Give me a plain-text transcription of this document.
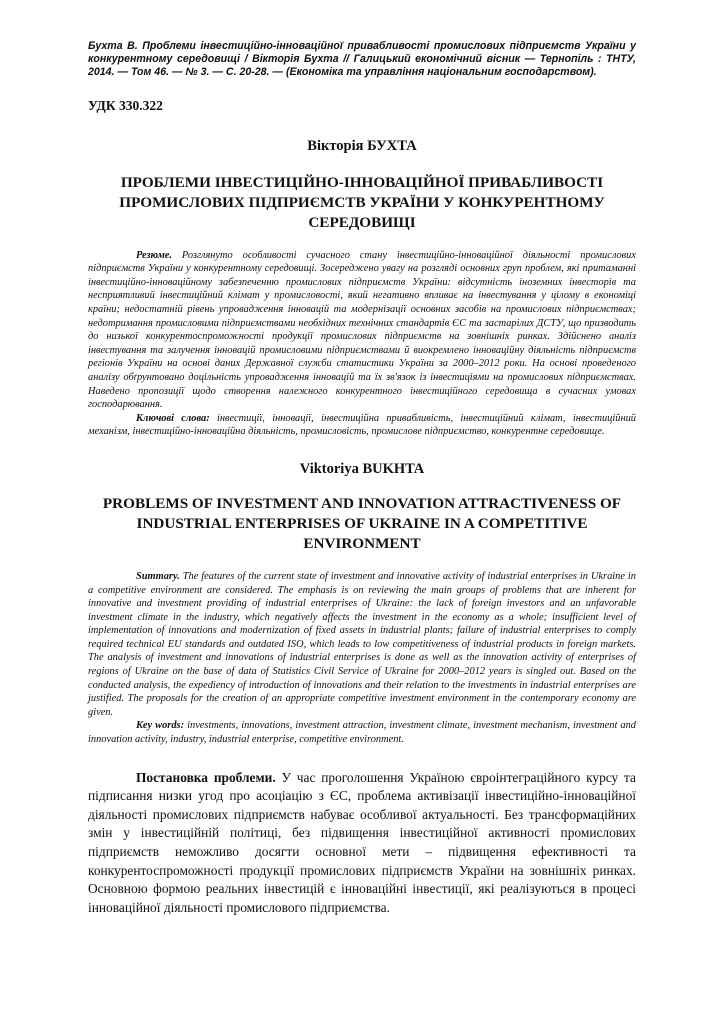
Бухта В. Проблеми інвестиційно-інноваційної привабливості промислових підприємств України у конкурентному середовищі / Вікторія Бухта // Галицький економічний вісник — Тернопіль : ТНТУ, 2014. — Том 46. — № 3. — С. 20-28. — (Економіка та управління національним господарством).

УДК 330.322

Вікторія БУХТА

ПРОБЛЕМИ ІНВЕСТИЦІЙНО-ІННОВАЦІЙНОЇ ПРИВАБЛИВОСТІ ПРОМИСЛОВИХ ПІДПРИЄМСТВ УКРАЇНИ У КОНКУРЕНТНОМУ СЕРЕДОВИЩІ

Резюме. Розглянуто особливості сучасного стану інвестиційно-інноваційної діяльності промислових підприємств України у конкурентному середовищі. Зосереджено увагу на розгляді основних груп проблем, які притаманні інвестиційно-інноваційному забезпеченню промислових підприємств України: відсутність іноземних інвесторів та несприятливий інвестиційний клімат у промисловості, який негативно впливає на інвестування у цілому в економіці країни; недостатній рівень упровадження інновацій та модернізації основних засобів на промислових підприємствах; недотримання промисловими підприємствами необхідних технічних стандартів ЄС та застарілих ДСТУ, що призводить до низької конкурентоспроможності продукції промислових підприємств на зовнішніх ринках. Здійснено аналіз інвестування та залучення інновацій промисловими підприємствами й виокремлено інноваційну діяльність підприємств регіонів України на основі даних Державної служби статистики України за 2000–2012 роки. На основі проведеного аналізу обґрунтовано доцільність упровадження інновацій та їх зв'язок із інвестиціями на промислових підприємствах. Наведено пропозиції щодо створення належного конкурентного інвестиційного середовища в сучасних умовах господарювання.

Ключові слова: інвестиції, інновації, інвестиційна привабливість, інвестиційний клімат, інвестиційний механізм, інвестиційно-інноваційна діяльність, промисловість, промислове підприємство, конкурентне середовище.

Viktoriya BUKHTA

PROBLEMS OF INVESTMENT AND INNOVATION ATTRACTIVENESS OF INDUSTRIAL ENTERPRISES OF UKRAINE IN A COMPETITIVE ENVIRONMENT

Summary. The features of the current state of investment and innovative activity of industrial enterprises in Ukraine in a competitive environment are considered. The emphasis is on reviewing the main groups of problems that are inherent for innovative and investment providing of industrial enterprises of Ukraine: the lack of foreign investors and an unfavorable investment climate in the industry, which negatively affects the investment in the economy as a whole; insufficient level of implementation of innovations and modernization of fixed assets in industrial plants; failure of industrial enterprises to comply required technical EU standards and outdated ISO, which leads to low competitiveness of industrial products in foreign markets. The analysis of investment and innovations of industrial enterprises is done as well as the innovation activity of enterprises of regions of Ukraine on the base of data of Statistics Civil Service of Ukraine for 2000–2012 years is singled out. Based on the conducted analysis, the expediency of introduction of innovations and their relation to the investments in industrial enterprises are justified. The proposals for the creation of an appropriate competitive investment environment in the contemporary economy are given.

Key words: investments, innovations, investment attraction, investment climate, investment mechanism, investment and innovation activity, industry, industrial enterprise, competitive environment.

Постановка проблеми. У час проголошення Україною євроінтеграційного курсу та підписання низки угод про асоціацію з ЄС, проблема активізації інвестиційно-інноваційної діяльності промислових підприємств набуває особливої актуальності. Без трансформаційних змін у інвестиційній політиці, без підвищення інвестиційної активності промислових підприємств неможливо досягти основної мети – підвищення ефективності та конкурентоспроможності продукції промислових підприємств України на зовнішніх ринках. Основною формою реальних інвестицій є інноваційні інвестиції, які реалізуються в процесі інноваційної діяльності промислового підприємства.
